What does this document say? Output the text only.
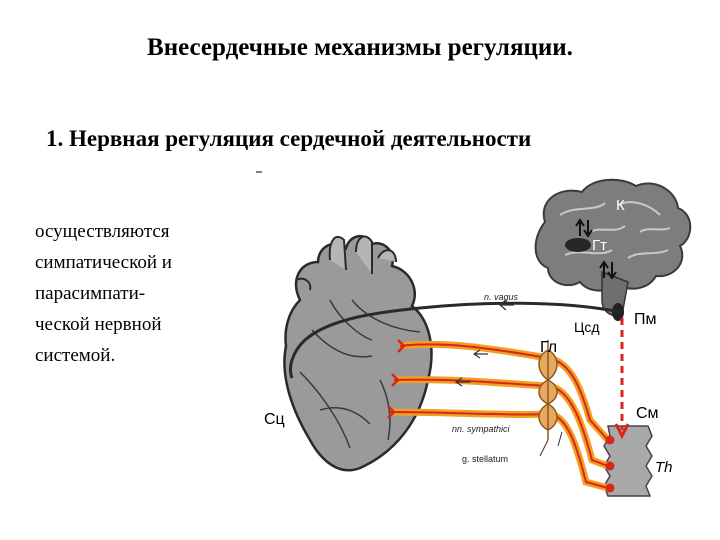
Внесердечные механизмы регуляции.
1. Нервная регуляция сердечной деятельности
осуществляются
симпатической и
парасимпати-
ческой нервной
системой.
К
Гт
Гф
Пм
Цсд
Гл
См
Th
Сц
n. vagus
nn. sympathici
g. stellatum
